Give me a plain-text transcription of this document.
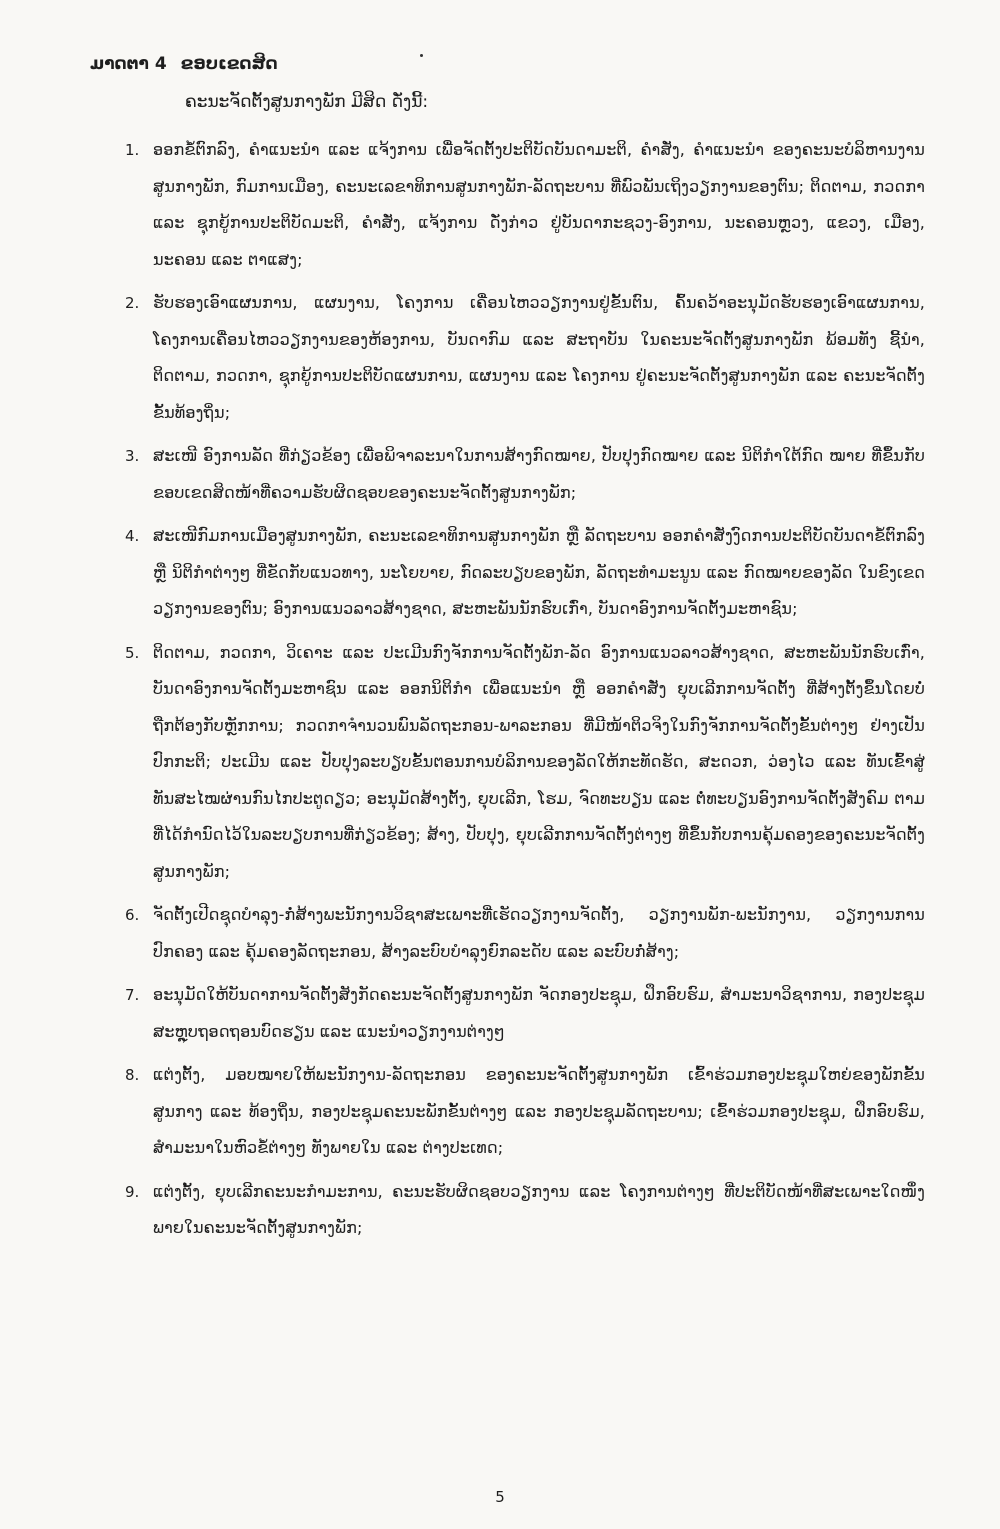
ມາດຕາ 4 ຂອບເຂດສິດ
ຄະນະຈັດຕັ້ງສູນກາງພັກ ມີສິດ ດັ່ງນີ້:
1. ອອກຂໍ້ຕົກລົງ, ຄຳແນະນຳ ແລະ ແຈ້ງການ ເພື່ອຈັດຕັ້ງປະຕິບັດບັນດາມະຕິ, ຄຳສັ່ງ, ຄຳແນະນຳ ຂອງຄະນະບໍລິຫານງານສູນກາງພັກ, ກົມການເມືອງ, ຄະນະເລຂາທິການສູນກາງພັກ-ລັດຖະບານ ທີ່ພົວພັນເຖິງວຽກງານຂອງຕົນ; ຕິດຕາມ, ກວດກາ ແລະ ຊຸກຍູ້ການປະຕິບັດມະຕິ, ຄຳສັ່ງ, ແຈ້ງການ ດັ່ງກ່າວ ຢູ່ບັນດາກະຊວງ-ອົງການ, ນະຄອນຫຼວງ, ແຂວງ, ເມືອງ, ນະຄອນ ແລະ ຕາແສງ;
2. ຮັບຮອງເອົາແຜນການ, ແຜນງານ, ໂຄງການ ເຄື່ອນໄຫວວຽກງານຢູ່ຂັ້ນຕົນ, ຄົ້ນຄວ້າອະນຸມັດຮັບຮອງເອົາແຜນການ, ໂຄງການເຄື່ອນໄຫວວຽກງານຂອງຫ້ອງການ, ບັນດາກົມ ແລະ ສະຖາບັນ ໃນຄະນະຈັດຕັ້ງສູນກາງພັກ ພ້ອມທັງ ຊີ້ນຳ, ຕິດຕາມ, ກວດກາ, ຊຸກຍູ້ການປະຕິບັດແຜນການ, ແຜນງານ ແລະ ໂຄງການ ຢູ່ຄະນະຈັດຕັ້ງສູນກາງພັກ ແລະ ຄະນະຈັດຕັ້ງຂັ້ນທ້ອງຖິ່ນ;
3. ສະເໜີ ອົງການລັດ ທີ່ກ່ຽວຂ້ອງ ເພື່ອພິຈາລະນາໃນການສ້າງກົດໝາຍ, ປັບປຸງກົດໝາຍ ແລະ ນິຕິກຳໃຕ້ກົດ ໝາຍ ທີ່ຂຶ້ນກັບຂອບເຂດສິດໜ້າທີ່ຄວາມຮັບຜິດຊອບຂອງຄະນະຈັດຕັ້ງສູນກາງພັກ;
4. ສະເໜີກົມການເມືອງສູນກາງພັກ, ຄະນະເລຂາທິການສູນກາງພັກ ຫຼື ລັດຖະບານ ອອກຄຳສັ່ງງົດການປະຕິບັດບັນດາຂໍ້ຕົກລົງ ຫຼື ນິຕິກຳຕ່າງໆ ທີ່ຂັດກັບແນວທາງ, ນະໂຍບາຍ, ກົດລະບຽບຂອງພັກ, ລັດຖະທຳມະນູນ ແລະ ກົດໝາຍຂອງລັດ ໃນຂົງເຂດວຽກງານຂອງຕົນ; ອົງການແນວລາວສ້າງຊາດ, ສະຫະພັນນັກຮົບເກົ່າ, ບັນດາອົງການຈັດຕັ້ງມະຫາຊົນ;
5. ຕິດຕາມ, ກວດກາ, ວິເຄາະ ແລະ ປະເມີນກົງຈັກການຈັດຕັ້ງພັກ-ລັດ ອົງການແນວລາວສ້າງຊາດ, ສະຫະພັນນັກຮົບເກົ່າ, ບັນດາອົງການຈັດຕັ້ງມະຫາຊົນ ແລະ ອອກນິຕິກຳ ເພື່ອແນະນຳ ຫຼື ອອກຄຳສັ່ງ ຍຸບເລີກການຈັດຕັ້ງ ທີ່ສ້າງຕັ້ງຂຶ້ນໂດຍບໍ່ຖືກຕ້ອງກັບຫຼັກການ; ກວດກາຈຳນວນພົນລັດຖະກອນ-ພາລະກອນ ທີ່ມີໜ້າຕິວຈິງໃນກົງຈັກການຈັດຕັ້ງຂັ້ນຕ່າງໆ ຢ່າງເປັນປົກກະຕິ; ປະເມີນ ແລະ ປັບປຸງລະບຽບຂັ້ນຕອນການບໍລິການຂອງລັດໃຫ້ກະທັດຮັດ, ສະດວກ, ວ່ອງໄວ ແລະ ທັນເຂົ້າສູ່ທັນສະໄໝຜ່ານກົນໄກປະຕູດຽວ; ອະນຸມັດສ້າງຕັ້ງ, ຍຸບເລີກ, ໂຮມ, ຈົດທະບຽນ ແລະ ຕໍ່ທະບຽນອົງການຈັດຕັ້ງສັງຄົມ ຕາມທີ່ໄດ້ກຳນົດໄວ້ໃນລະບຽບການທີ່ກ່ຽວຂ້ອງ; ສ້າງ, ປັບປຸງ, ຍຸບເລີກການຈັດຕັ້ງຕ່າງໆ ທີ່ຂຶ້ນກັບການຄຸ້ມຄອງຂອງຄະນະຈັດຕັ້ງສູນກາງພັກ;
6. ຈັດຕັ້ງເປີດຊຸດບຳລຸງ-ກໍ່ສ້າງພະນັກງານວິຊາສະເພາະທີ່ເຮັດວຽກງານຈັດຕັ້ງ, ວຽກງານພັກ-ພະນັກງານ, ວຽກງານການປົກຄອງ ແລະ ຄຸ້ມຄອງລັດຖະກອນ, ສ້າງລະບົບບຳລຸງຍົກລະດັບ ແລະ ລະບົບກໍ່ສ້າງ;
7. ອະນຸມັດໃຫ້ບັນດາການຈັດຕັ້ງສັງກັດຄະນະຈັດຕັ້ງສູນກາງພັກ ຈັດກອງປະຊຸມ, ຝຶກອົບຮົມ, ສຳມະນາວິຊາການ, ກອງປະຊຸມສະຫຼຸບຖອດຖອນບົດຮຽນ ແລະ ແນະນຳວຽກງານຕ່າງໆ
8. ແຕ່ງຕັ້ງ, ມອບໝາຍໃຫ້ພະນັກງານ-ລັດຖະກອນ ຂອງຄະນະຈັດຕັ້ງສູນກາງພັກ ເຂົ້າຮ່ວມກອງປະຊຸມໃຫຍ່ຂອງພັກຂັ້ນສູນກາງ ແລະ ທ້ອງຖິ່ນ, ກອງປະຊຸມຄະນະພັກຂັ້ນຕ່າງໆ ແລະ ກອງປະຊຸມລັດຖະບານ; ເຂົ້າຮ່ວມກອງປະຊຸມ, ຝຶກອົບຮົມ, ສຳມະນາໃນຫົວຂໍ້ຕ່າງໆ ທັງພາຍໃນ ແລະ ຕ່າງປະເທດ;
9. ແຕ່ງຕັ້ງ, ຍຸບເລີກຄະນະກຳມະການ, ຄະນະຮັບຜິດຊອບວຽກງານ ແລະ ໂຄງການຕ່າງໆ ທີ່ປະຕິບັດໜ້າທີ່ສະເພາະໃດໜຶ່ງພາຍໃນຄະນະຈັດຕັ້ງສູນກາງພັກ;
5
